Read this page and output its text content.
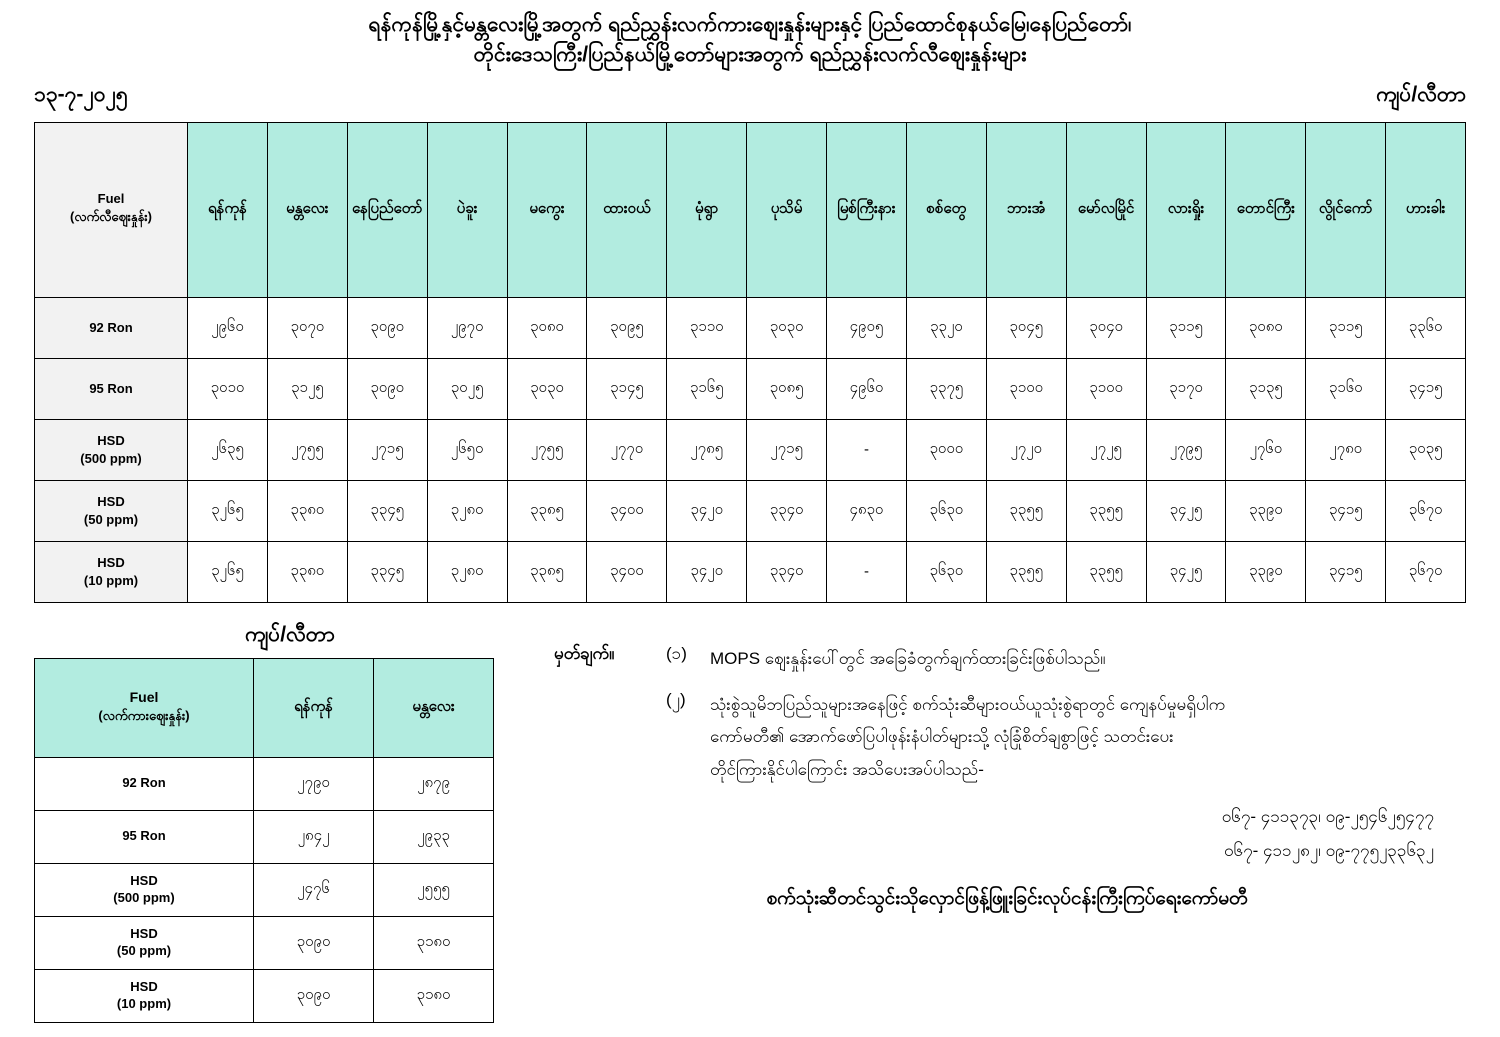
ရန်ကုန်မြို့နှင့်မန္တလေးမြို့အတွက် ရည်ညွှန်းလက်ကားဈေးနှုန်းများနှင့် ပြည်ထောင်စုနယ်မြေ၊နေပြည်တော်၊
တိုင်းဒေသကြီး/ပြည်နယ်မြို့တော်များအတွက် ရည်ညွှန်းလက်လီဈေးနှုန်းများ
၁၃-၇-၂၀၂၅	ကျပ်/လီတာ
Fuel
(လက်လီဈေးနှုန်း)	ရန်ကုန်	မန္တလေး	နေပြည်တော်	ပဲခူး	မကွေး	ထားဝယ်	မုံရွာ	ပုသိမ်	မြစ်ကြီးနား	စစ်တွေ	ဘားအံ	မော်လမြိုင်	လားရှိုး	တောင်ကြီး	လွိုင်ကော်	ဟားခါး
92 Ron	၂၉၆၀	၃၀၇၀	၃၀၉၀	၂၉၇၀	၃၀၈၀	၃၀၉၅	၃၁၁၀	၃၀၃၀	၄၉၀၅	၃၃၂၀	၃၀၄၅	၃၀၄၀	၃၁၁၅	၃၀၈၀	၃၁၁၅	၃၃၆၀
95 Ron	၃၀၁၀	၃၁၂၅	၃၀၉၀	၃၀၂၅	၃၀၃၀	၃၁၄၅	၃၁၆၅	၃၀၈၅	၄၉၆၀	၃၃၇၅	၃၁၀၀	၃၁၀၀	၃၁၇၀	၃၁၃၅	၃၁၆၀	၃၄၁၅
HSD
(500 ppm)	၂၆၃၅	၂၇၅၅	၂၇၁၅	၂၆၅၀	၂၇၅၅	၂၇၇၀	၂၇၈၅	၂၇၁၅	-	၃၀၀၀	၂၇၂၀	၂၇၂၅	၂၇၉၅	၂၇၆၀	၂၇၈၀	၃၀၃၅
HSD
(50 ppm)	၃၂၆၅	၃၃၈၀	၃၃၄၅	၃၂၈၀	၃၃၈၅	၃၄၀၀	၃၄၂၀	၃၃၄၀	၄၈၃၀	၃၆၃၀	၃၃၅၅	၃၃၅၅	၃၄၂၅	၃၃၉၀	၃၄၁၅	၃၆၇၀
HSD
(10 ppm)	၃၂၆၅	၃၃၈၀	၃၃၄၅	၃၂၈၀	၃၃၈၅	၃၄၀၀	၃၄၂၀	၃၃၄၀	-	၃၆၃၀	၃၃၅၅	၃၃၅၅	၃၄၂၅	၃၃၉၀	၃၄၁၅	၃၆၇၀
ကျပ်/လီတာ
Fuel
(လက်ကားဈေးနှုန်း)	ရန်ကုန်	မန္တလေး
92 Ron	၂၇၉၀	၂၈၇၉
95 Ron	၂၈၄၂	၂၉၃၃
HSD
(500 ppm)	၂၄၇၆	၂၅၅၅
HSD
(50 ppm)	၃၀၉၀	၃၁၈၀
HSD
(10 ppm)	၃၀၉၀	၃၁၈၀
မှတ်ချက်။	(၁)	MOPS ဈေးနှုန်းပေါ်တွင် အခြေခံတွက်ချက်ထားခြင်းဖြစ်ပါသည်။
(၂)	သုံးစွဲသူမိဘပြည်သူများအနေဖြင့် စက်သုံးဆီများဝယ်ယူသုံးစွဲရာတွင် ကျေနပ်မှုမရှိပါက
ကော်မတီ၏ အောက်ဖော်ပြပါဖုန်းနံပါတ်များသို့ လုံခြုံစိတ်ချစွာဖြင့် သတင်းပေး
တိုင်ကြားနိုင်ပါကြောင်း အသိပေးအပ်ပါသည်-
၀၆၇- ၄၁၁၃၇၃၊ ၀၉-၂၅၄၆၂၅၄၇၇
၀၆၇- ၄၁၁၂၈၂၊ ၀၉-၇၇၅၂၃၃၆၃၂
စက်သုံးဆီတင်သွင်းသိုလှောင်ဖြန့်ဖြူးခြင်းလုပ်ငန်းကြီးကြပ်ရေးကော်မတီ
